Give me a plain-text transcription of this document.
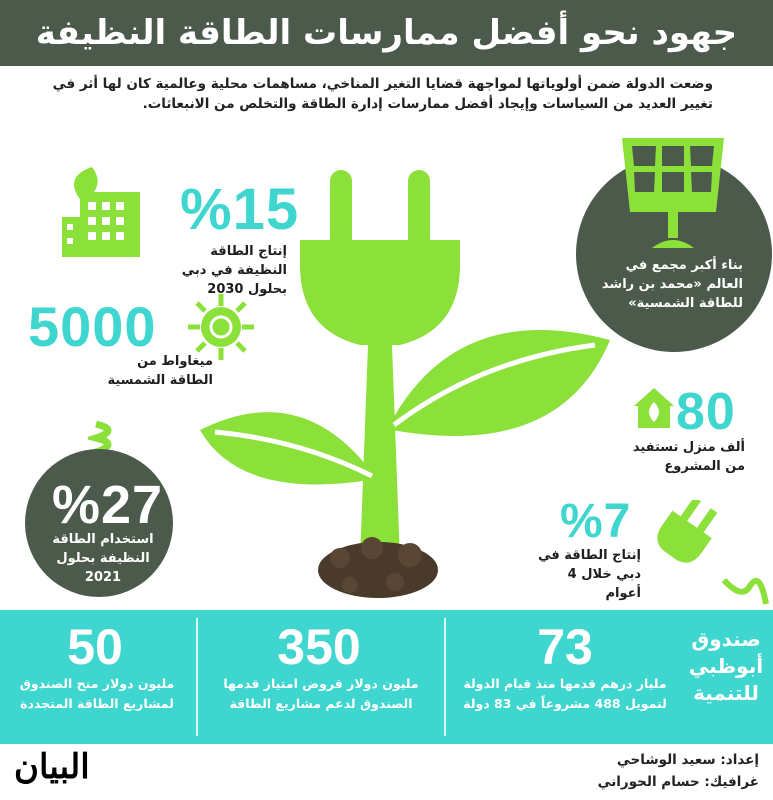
جهود نحو أفضل ممارسات الطاقة النظيفة
وضعت الدولة ضمن أولوياتها لمواجهة قضايا التغير المناخي، مساهمات محلية وعالمية كان لها أثر في تغيير العديد من السياسات وإيجاد أفضل ممارسات إدارة الطاقة والتخلص من الانبعاثات.
%15
إنتاج الطاقة النظيفة في دبي بحلول 2030
5000
ميغاواط من الطاقة الشمسية
%27
استخدام الطاقة النظيفة بحلول 2021
بناء أكبر مجمع في العالم «محمد بن راشد للطاقة الشمسية»
80
ألف منزل تستفيد من المشروع
%7
إنتاج الطاقة في دبي خلال 4 أعوام
صندوق أبوظبي للتنمية
73
مليار درهم قدمها منذ قيام الدولة لتمويل 488 مشروعاً في 83 دولة
350
مليون دولار قروض امتياز قدمها الصندوق لدعم مشاريع الطاقة
50
مليون دولار منح الصندوق لمشاريع الطاقة المتجددة
إعداد: سعيد الوشاحي
غرافيك: حسام الحوراني
البيان
